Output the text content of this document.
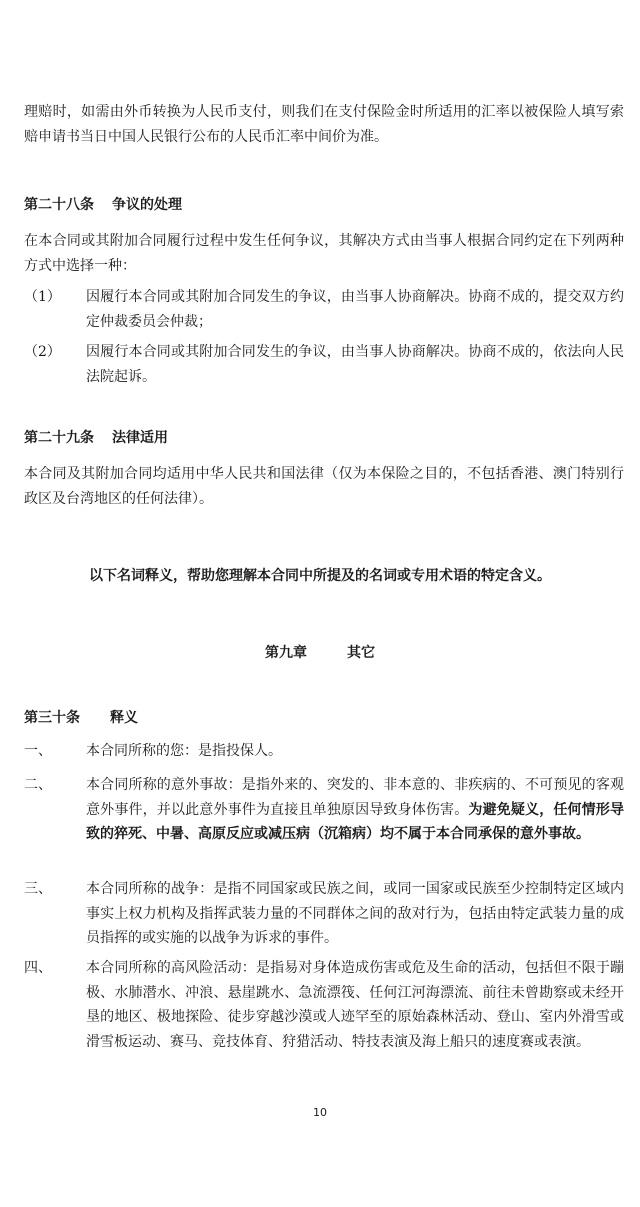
理赔时，如需由外币转换为人民币支付，则我们在支付保险金时所适用的汇率以被保险人填写索赔申请书当日中国人民银行公布的人民币汇率中间价为准。

第二十八条 争议的处理

在本合同或其附加合同履行过程中发生任何争议，其解决方式由当事人根据合同约定在下列两种方式中选择一种：

（1）	因履行本合同或其附加合同发生的争议，由当事人协商解决。协商不成的，提交双方约定仲裁委员会仲裁；
（2）	因履行本合同或其附加合同发生的争议，由当事人协商解决。协商不成的，依法向人民法院起诉。
第二十九条 法律适用

本合同及其附加合同均适用中华人民共和国法律（仅为本保险之目的，不包括香港、澳门特别行政区及台湾地区的任何法律）。

以下名词释义，帮助您理解本合同中所提及的名词或专用术语的特定含义。
第九章	其它
第三十条 释义
一、	本合同所称的您：是指投保人。
二、	本合同所称的意外事故：是指外来的、突发的、非本意的、非疾病的、不可预见的客观意外事件，并以此意外事件为直接且单独原因导致身体伤害。为避免疑义，任何情形导致的猝死、中暑、高原反应或减压病（沉箱病）均不属于本合同承保的意外事故。
三、	本合同所称的战争：是指不同国家或民族之间，或同一国家或民族至少控制特定区域内事实上权力机构及指挥武装力量的不同群体之间的敌对行为，包括由特定武装力量的成员指挥的或实施的以战争为诉求的事件。
四、	本合同所称的高风险活动：是指易对身体造成伤害或危及生命的活动，包括但不限于蹦极、水肺潜水、冲浪、悬崖跳水、急流漂筏、任何江河海漂流、前往未曾勘察或未经开垦的地区、极地探险、徒步穿越沙漠或人迹罕至的原始森林活动、登山、室内外滑雪或滑雪板运动、赛马、竞技体育、狩猎活动、特技表演及海上船只的速度赛或表演。
10
